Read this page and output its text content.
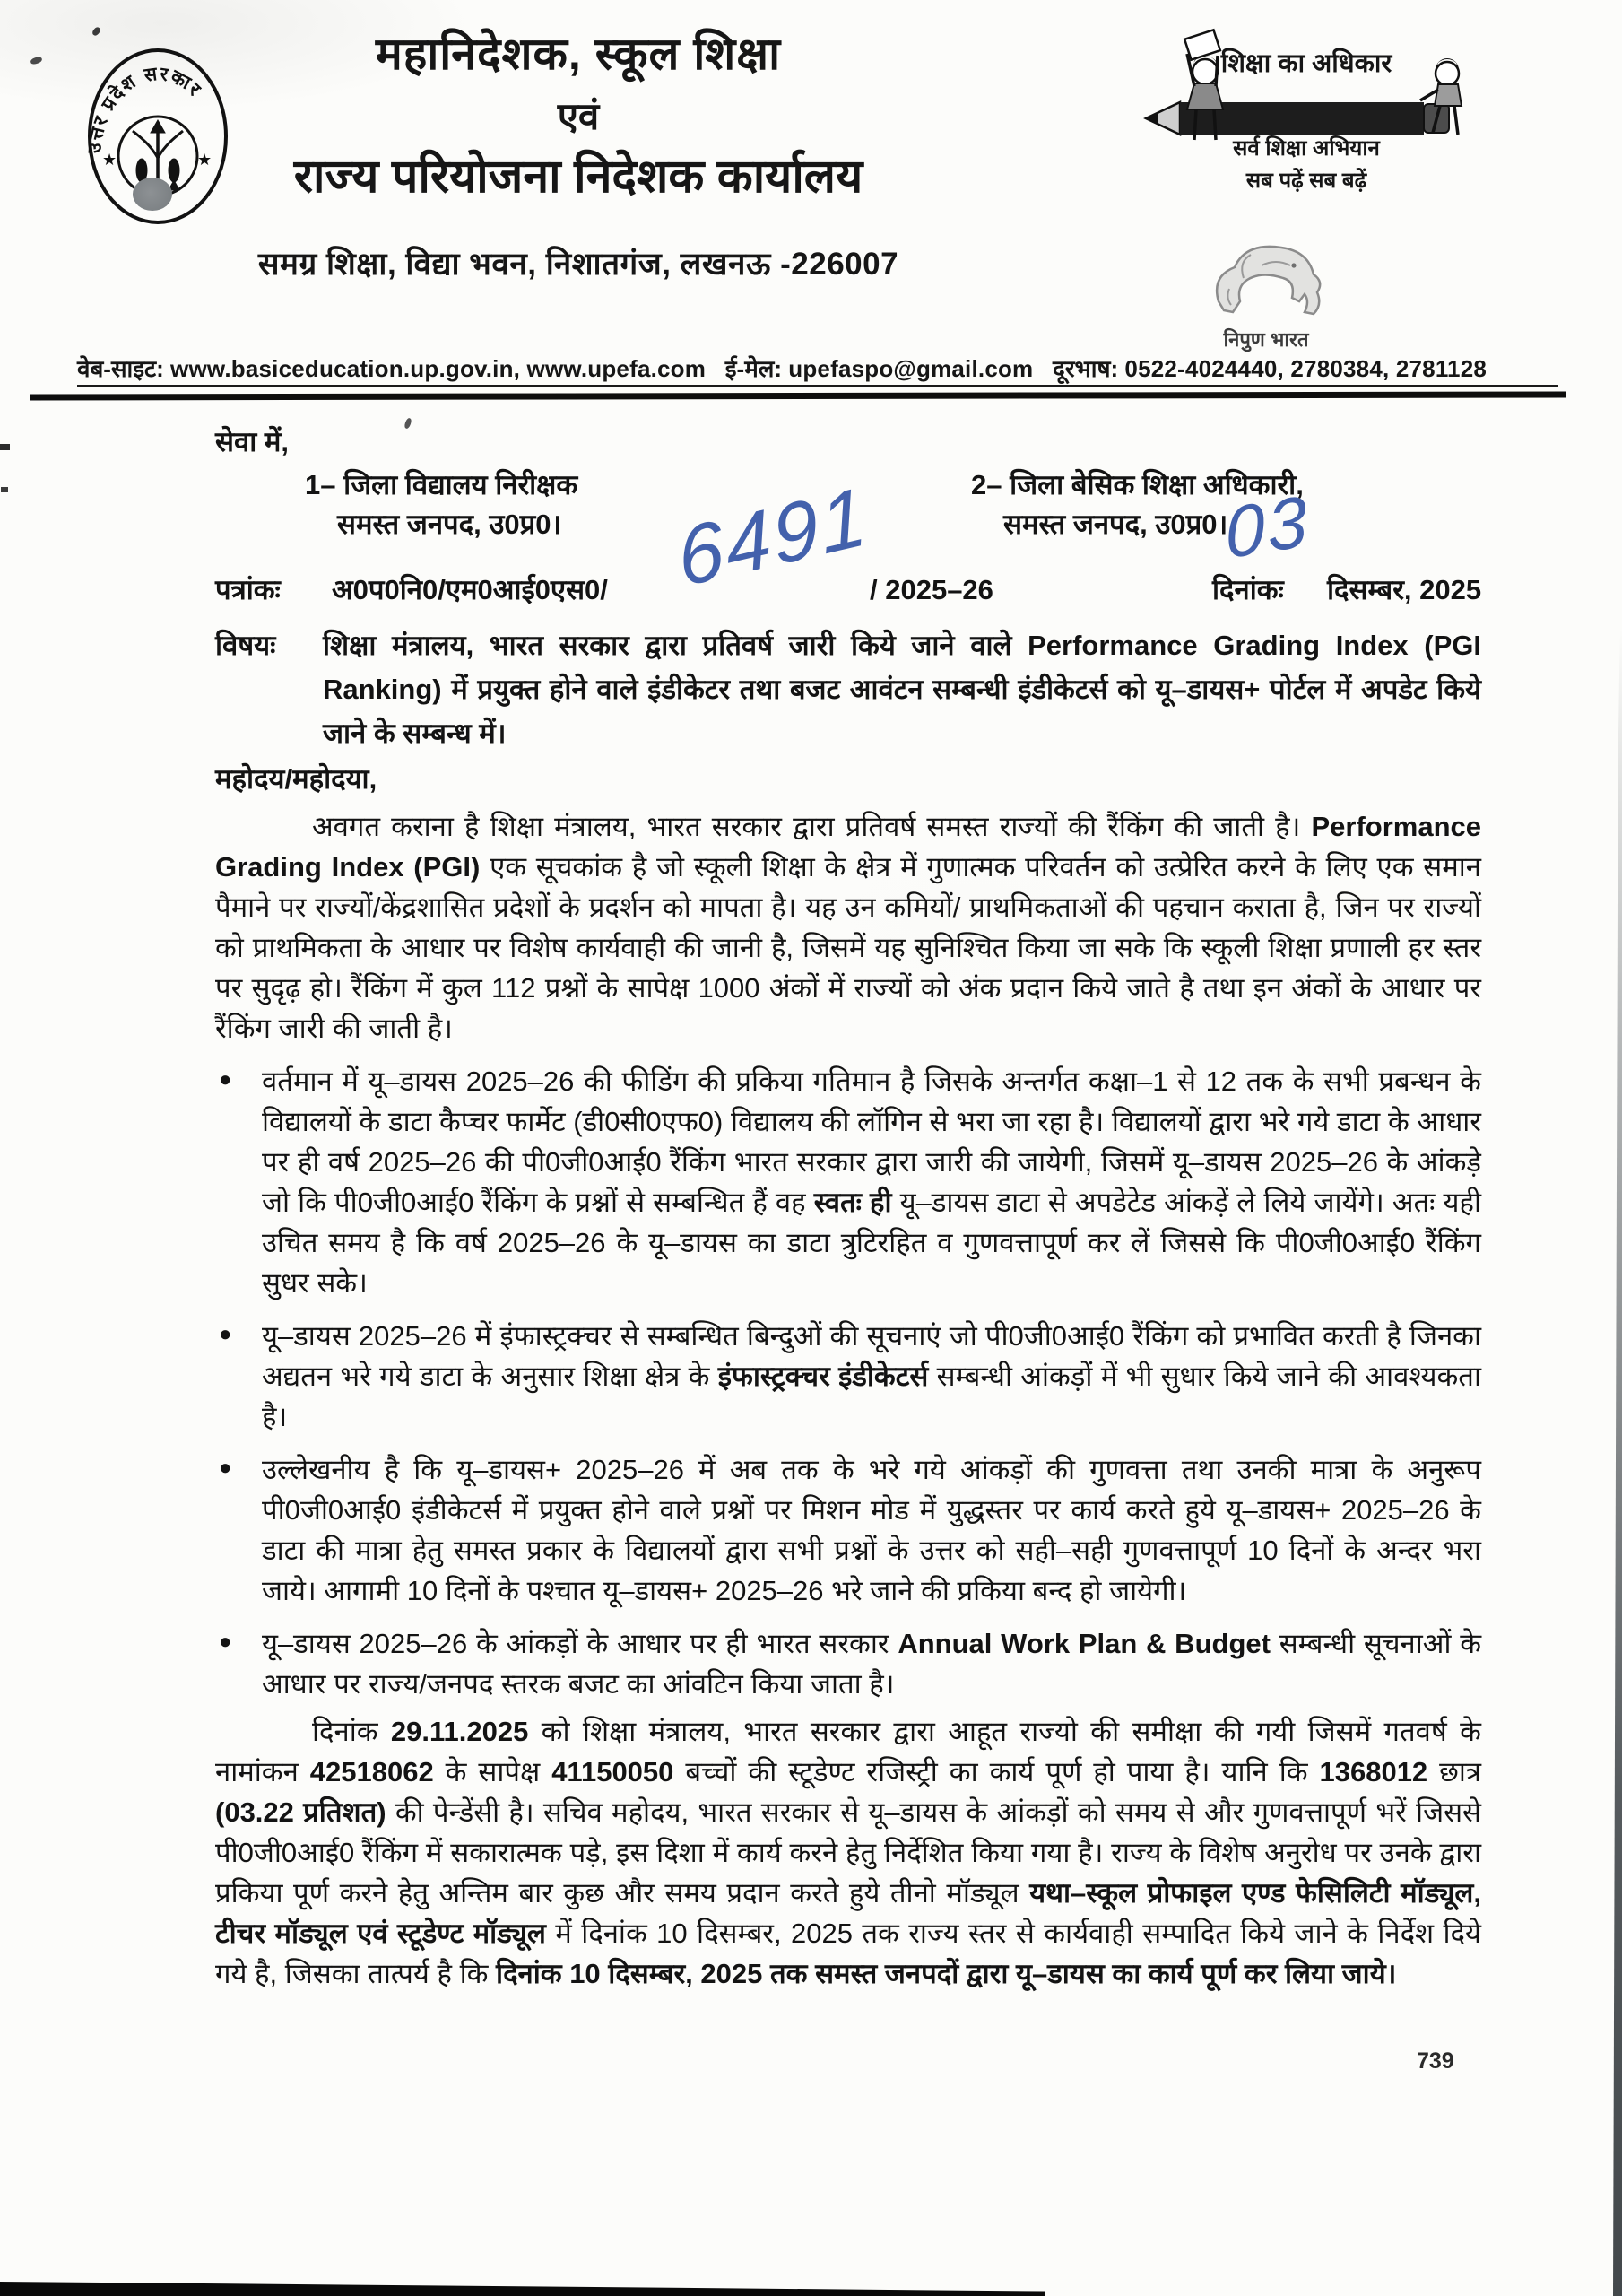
उत्तर प्रदेश सरकार
★	★
महानिदेशक, स्कूल शिक्षा
एवं
राज्य परियोजना निदेशक कार्यालय
समग्र शिक्षा, विद्या भवन, निशातगंज, लखनऊ -226007
शिक्षा का अधिकार
सर्व शिक्षा अभियान
सब पढ़ें सब बढ़ें
निपुण भारत
वेब-साइट: www.basiceducation.up.gov.in, www.upefa.com ई-मेल: upefaspo@gmail.com दूरभाष: 0522-4024440, 2780384, 2781128
सेवा में,
1– जिला विद्यालय निरीक्षक
समस्त जनपद, उ0प्र0।
2– जिला बेसिक शिक्षा अधिकारी,
समस्त जनपद, उ0प्र0।
पत्रांकः अ0प0नि0/एम0आई0एस0/ 6491
/ 2025–26	दिनांकः
03
दिसम्बर, 2025
विषयः शिक्षा मंत्रालय, भारत सरकार द्वारा प्रतिवर्ष जारी किये जाने वाले Performance Grading Index (PGI Ranking) में प्रयुक्त होने वाले इंडीकेटर तथा बजट आवंटन सम्बन्धी इंडीकेटर्स को यू–डायस+ पोर्टल में अपडेट किये जाने के सम्बन्ध में।
महोदय/महोदया,
अवगत कराना है शिक्षा मंत्रालय, भारत सरकार द्वारा प्रतिवर्ष समस्त राज्यों की रैंकिंग की जाती है। Performance Grading Index (PGI) एक सूचकांक है जो स्कूली शिक्षा के क्षेत्र में गुणात्मक परिवर्तन को उत्प्रेरित करने के लिए एक समान पैमाने पर राज्यों/केंद्रशासित प्रदेशों के प्रदर्शन को मापता है। यह उन कमियों/ प्राथमिकताओं की पहचान कराता है, जिन पर राज्यों को प्राथमिकता के आधार पर विशेष कार्यवाही की जानी है, जिसमें यह सुनिश्चित किया जा सके कि स्कूली शिक्षा प्रणाली हर स्तर पर सुदृढ़ हो। रैंकिंग में कुल 112 प्रश्नों के सापेक्ष 1000 अंकों में राज्यों को अंक प्रदान किये जाते है तथा इन अंकों के आधार पर रैंकिंग जारी की जाती है।
● वर्तमान में यू–डायस 2025–26 की फीडिंग की प्रकिया गतिमान है जिसके अन्तर्गत कक्षा–1 से 12 तक के सभी प्रबन्धन के विद्यालयों के डाटा कैप्चर फार्मेट (डी0सी0एफ0) विद्यालय की लॉगिन से भरा जा रहा है। विद्यालयों द्वारा भरे गये डाटा के आधार पर ही वर्ष 2025–26 की पी0जी0आई0 रैंकिंग भारत सरकार द्वारा जारी की जायेगी, जिसमें यू–डायस 2025–26 के आंकड़े जो कि पी0जी0आई0 रैंकिंग के प्रश्नों से सम्बन्धित हैं वह स्वतः ही यू–डायस डाटा से अपडेटेड आंकड़ें ले लिये जायेंगे। अतः यही उचित समय है कि वर्ष 2025–26 के यू–डायस का डाटा त्रुटिरहित व गुणवत्तापूर्ण कर लें जिससे कि पी0जी0आई0 रैंकिंग सुधर सके।
● यू–डायस 2025–26 में इंफास्ट्रक्चर से सम्बन्धित बिन्दुओं की सूचनाएं जो पी0जी0आई0 रैंकिंग को प्रभावित करती है जिनका अद्यतन भरे गये डाटा के अनुसार शिक्षा क्षेत्र के इंफास्ट्रक्चर इंडीकेटर्स सम्बन्धी आंकड़ों में भी सुधार किये जाने की आवश्यकता है।
● उल्लेखनीय है कि यू–डायस+ 2025–26 में अब तक के भरे गये आंकड़ों की गुणवत्ता तथा उनकी मात्रा के अनुरूप पी0जी0आई0 इंडीकेटर्स में प्रयुक्त होने वाले प्रश्नों पर मिशन मोड में युद्धस्तर पर कार्य करते हुये यू–डायस+ 2025–26 के डाटा की मात्रा हेतु समस्त प्रकार के विद्यालयों द्वारा सभी प्रश्नों के उत्तर को सही–सही गुणवत्तापूर्ण 10 दिनों के अन्दर भरा जाये। आगामी 10 दिनों के पश्चात यू–डायस+ 2025–26 भरे जाने की प्रकिया बन्द हो जायेगी।
● यू–डायस 2025–26 के आंकड़ों के आधार पर ही भारत सरकार Annual Work Plan & Budget सम्बन्धी सूचनाओं के आधार पर राज्य/जनपद स्तरक बजट का आंवटिन किया जाता है।
दिनांक 29.11.2025 को शिक्षा मंत्रालय, भारत सरकार द्वारा आहूत राज्यो की समीक्षा की गयी जिसमें गतवर्ष के नामांकन 42518062 के सापेक्ष 41150050 बच्चों की स्टूडेण्ट रजिस्ट्री का कार्य पूर्ण हो पाया है। यानि कि 1368012 छात्र (03.22 प्रतिशत) की पेन्डेंसी है। सचिव महोदय, भारत सरकार से यू–डायस के आंकड़ों को समय से और गुणवत्तापूर्ण भरें जिससे पी0जी0आई0 रैंकिंग में सकारात्मक पड़े, इस दिशा में कार्य करने हेतु निर्देशित किया गया है। राज्य के विशेष अनुरोध पर उनके द्वारा प्रकिया पूर्ण करने हेतु अन्तिम बार कुछ और समय प्रदान करते हुये तीनो मॉड्यूल यथा–स्कूल प्रोफाइल एण्ड फेसिलिटी मॉड्यूल, टीचर मॉड्यूल एवं स्टूडेण्ट मॉड्यूल में दिनांक 10 दिसम्बर, 2025 तक राज्य स्तर से कार्यवाही सम्पादित किये जाने के निर्देश दिये गये है, जिसका तात्पर्य है कि दिनांक 10 दिसम्बर, 2025 तक समस्त जनपदों द्वारा यू–डायस का कार्य पूर्ण कर लिया जाये।
739
